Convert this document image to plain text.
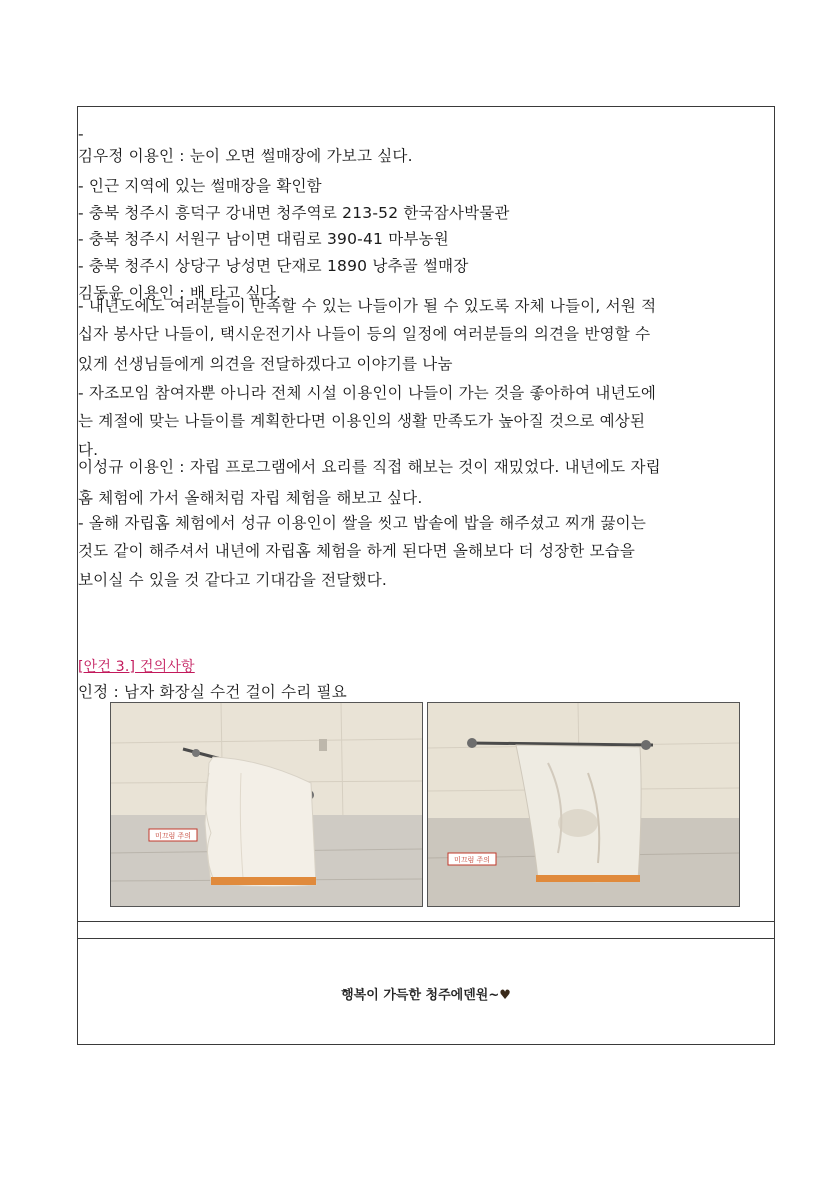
-
김우정 이용인 : 눈이 오면 썰매장에 가보고 싶다.
- 인근 지역에 있는 썰매장을 확인함
- 충북 청주시 흥덕구 강내면 청주역로 213-52 한국잠사박물관
- 충북 청주시 서원구 남이면 대림로 390-41 마부농원
- 충북 청주시 상당구 낭성면 단재로 1890 낭추골 썰매장
김동윤 이용인 : 배 타고 싶다.
- 내년도에도 여러분들이 만족할 수 있는 나들이가 될 수 있도록 자체 나들이, 서원 적
십자 봉사단 나들이, 택시운전기사 나들이 등의 일정에 여러분들의 의견을 반영할 수
있게 선생님들에게 의견을 전달하겠다고 이야기를 나눔
- 자조모임 참여자뿐 아니라 전체 시설 이용인이 나들이 가는 것을 좋아하여 내년도에
는 계절에 맞는 나들이를 계획한다면 이용인의 생활 만족도가 높아질 것으로 예상된
다.
이성규 이용인 : 자립 프로그램에서 요리를 직접 해보는 것이 재밌었다. 내년에도 자립
홈 체험에 가서 올해처럼 자립 체험을 해보고 싶다.
- 올해 자립홈 체험에서 성규 이용인이 쌀을 씻고 밥솥에 밥을 해주셨고 찌개 끓이는
것도 같이 해주셔서 내년에 자립홈 체험을 하게 된다면 올해보다 더 성장한 모습을
보이실 수 있을 것 같다고 기대감을 전달했다.
[안건 3.] 건의사항
인정 : 남자 화장실 수건 걸이 수리 필요
미끄럼 주의
미끄럼 주의
행복이 가득한 청주에덴원~♥
